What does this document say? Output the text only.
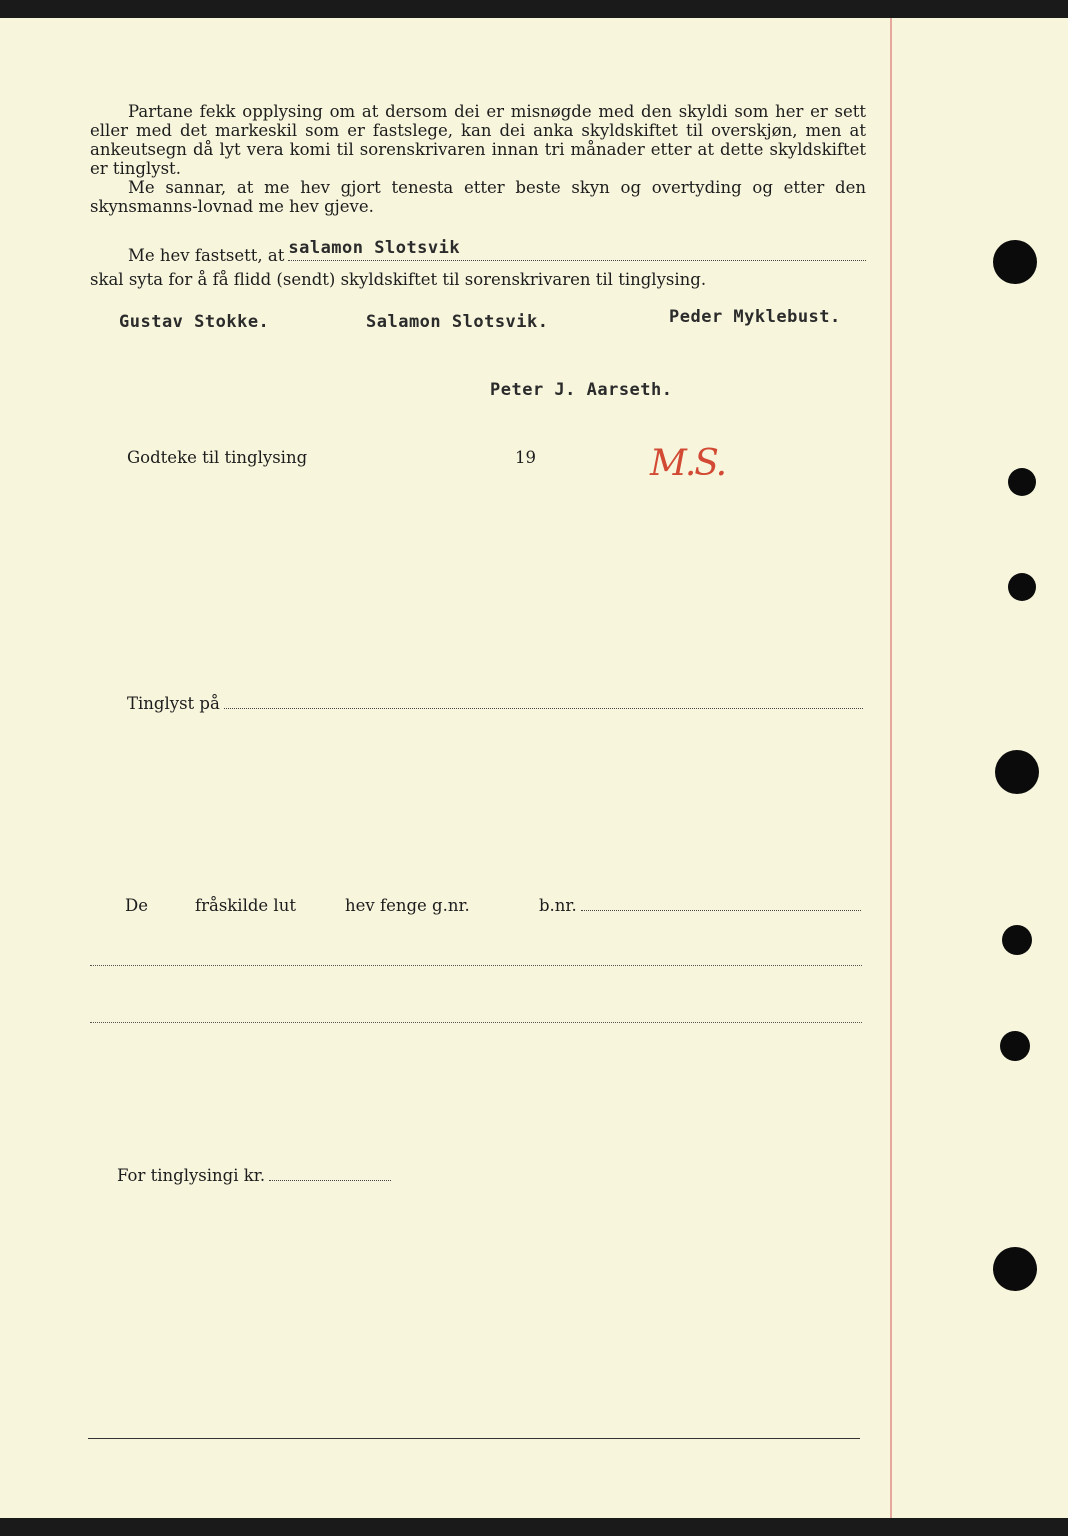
Partane fekk opplysing om at dersom dei er misnøgde med den skyldi som her er sett eller med det markeskil som er fastslege, kan dei anka skyldskiftet til overskjøn, men at ankeutsegn då lyt vera komi til sorenskrivaren innan tri månader etter at dette skyldskiftet er tinglyst.

Me sannar, at me hev gjort tenesta etter beste skyn og overtyding og etter den skynsmanns-lovnad me hev gjeve.

Me hev fastsett, at salamon Slotsvik
skal syta for å få flidd (sendt) skyldskiftet til sorenskrivaren til tinglysing.
Gustav Stokke.	Salamon Slotsvik.	Peder Myklebust.
Peter J. Aarseth.
Godteke til tinglysing	19	M.S.
Tinglyst på
De	fråskilde lut	hev fenge g.nr.	b.nr.
For tinglysingi kr.
